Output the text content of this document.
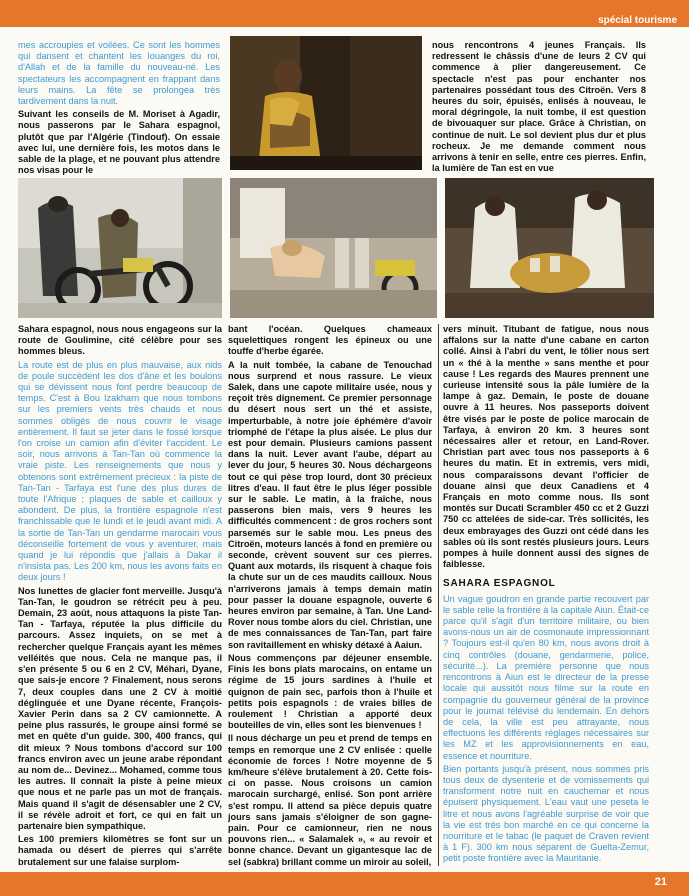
spécial tourisme

mes accroupies et voilées. Ce sont les hommes qui dansent et chantent les louanges du roi, d'Allah et de la famille du nouveau-né. Les spectateurs les accompagnent en frappant dans leurs mains. La fête se prolongea très tardivement dans la nuit.

Suivant les conseils de M. Moriset à Agadir, nous passerons par le Sahara espagnol, plutôt que par l'Algérie (Tindouf). On essaie avec lui, une dernière fois, les motos dans le sable de la plage, et ne pouvant plus attendre nos visas pour le

nous rencontrons 4 jeunes Français. Ils redressent le châssis d'une de leurs 2 CV qui commence à plier dangereusement. Ce spectacle n'est pas pour enchanter nos partenaires possédant tous des Citroën. Vers 8 heures du soir, épuisés, enlisés à nouveau, le moral dégringole, la nuit tombe, il est question de bivouaquer sur place. Grâce à Christian, on continue de nuit. Le sol devient plus dur et plus rocheux. Je me demande comment nous arrivons à tenir en selle, entre ces pierres. Enfin, la lumière de Tan est en vue

Sahara espagnol, nous nous engageons sur la route de Goulimine, cité célèbre pour ses hommes bleus.

La route est de plus en plus mauvaise, aux nids de poule succèdent les dos d'âne et les boulons qui se dévissent nous font perdre beaucoup de temps. C'est à Bou Izakharn que nous tombons sur les premiers vents très chauds et nous sommes obligés de nous couvrir le visage entièrement. Il faut se jeter dans le fossé lorsque l'on croise un camion afin d'éviter l'accident. Le soir, nous arrivons à Tan-Tan où commence la vraie piste. Les renseignements que nous y obtenons sont extrêmement précieux : la piste de Tan-Tan - Tarfaya est l'une des plus dures de toute l'Afrique ; plaques de sable et cailloux y abondent. De plus, la frontière espagnole n'est franchissable que le lundi et le jeudi avant midi. A la sortie de Tan-Tan un gendarme marocain vous déconseille fortement de vous y aventurer, mais quand je lui répondis que j'allais à Dakar il n'insista pas. Les 200 km, nous les avons faits en deux jours !

Nos lunettes de glacier font merveille. Jusqu'à Tan-Tan, le goudron se rétrécit peu à peu. Demain, 23 août, nous attaquons la piste Tan-Tan - Tarfaya, réputée la plus difficile du parcours. Assez inquiets, on se met à rechercher quelque Français ayant les mêmes velléités que nous. Cela ne manque pas, il s'en présente 5 ou 6 en 2 CV, Méhari, Dyane, que sais-je encore ? Finalement, nous serons 7, deux couples dans une 2 CV à moitié déglinguée et une Dyane récente, François-Xavier Perin dans sa 2 CV camionnette. A peine plus rassurés, le groupe ainsi formé se met en quête d'un guide. 300, 400 francs, qui dit mieux ? Nous tombons d'accord sur 100 francs environ avec un jeune arabe répondant au nom de... Devinez... Mohamed, comme tous les autres. Il connaît la piste à peine mieux que nous et ne parle pas un mot de français. Mais quand il s'agit de désensabler une 2 CV, il se révèle adroit et fort, ce qui en fait un partenaire bien sympathique.

Les 100 premiers kilomètres se font sur un hamada ou désert de pierres qui s'arrête brutalement sur une falaise surplom-

bant l'océan. Quelques chameaux squelettiques rongent les épineux ou une touffe d'herbe égarée.

A la nuit tombée, la cabane de Tenouchad nous surprend et nous rassure. Le vieux Salek, dans une capote militaire usée, nous y reçoit très dignement. Ce premier personnage du désert nous sert un thé et assiste, imperturbable, à notre joie éphémère d'avoir triomphé de l'étape la plus aisée. Le plus dur est pour demain. Plusieurs camions passent dans la nuit. Lever avant l'aube, départ au lever du jour, 5 heures 30. Nous déchargeons tout ce qui pèse trop lourd, dont 30 précieux litres d'eau. Il faut être le plus léger possible sur le sable. Le matin, à la fraîche, nous passerons bien mais, vers 9 heures les difficultés commencent : de gros rochers sont parsemés sur le sable mou. Les pneus des Citroën, moteurs lancés à fond en première ou seconde, crèvent souvent sur ces pierres. Quant aux motards, ils risquent à chaque fois la chute sur un de ces maudits cailloux. Nous n'arriverons jamais à temps demain matin pour passer la douane espagnole, ouverte 6 heures environ par semaine, à Tan. Une Land-Rover nous tombe alors du ciel. Christian, une de mes connaissances de Tan-Tan, part faire son ravitaillement en whisky détaxé à Aaiun.

Nous commençons par déjeuner ensemble. Finis les bons plats marocains, on entame un régime de 15 jours sardines à l'huile et quignon de pain sec, parfois thon à l'huile et petits pois espagnols : de vraies billes de roulement ! Christian a apporté deux bouteilles de vin, elles sont les bienvenues !

Il nous décharge un peu et prend de temps en temps en remorque une 2 CV enlisée : quelle économie de forces ! Notre moyenne de 5 km/heure s'élève brutalement à 20. Cette fois-ci on passe. Nous croisons un camion marocain surchargé, enlisé. Son pont arrière s'est rompu. Il attend sa pièce depuis quatre jours sans jamais s'éloigner de son gagne-pain. Pour ce camionneur, rien ne nous pouvons rien... « Salamalek », « au revoir et bonne chance. Devant un gigantesque lac de sel (sabkra) brillant comme un miroir au soleil,

vers minuit. Titubant de fatigue, nous nous affalons sur la natte d'une cabane en carton collé. Ainsi à l'abri du vent, le tôlier nous sert un « thé à la menthe » sans menthe et pour cause ! Les regards des Maures prennent une curieuse intensité sous la pâle lumière de la lampe à gaz. Demain, le poste de douane ouvre à 11 heures. Nos passeports doivent être visés par le poste de police marocain de Tarfaya, à environ 20 km. 3 heures sont nécessaires aller et retour, en Land-Rover. Christian part avec tous nos passeports à 6 heures du matin. Et in extremis, vers midi, nous comparaissons devant l'officier de douane ainsi que deux Canadiens et 4 Français en moto comme nous. Ils sont montés sur Ducati Scrambler 450 cc et 2 Guzzi 750 cc attelées de side-car. Très sollicités, les deux embrayages des Guzzi ont cédé dans les sables où ils sont restés plusieurs jours. Leurs pompes à huile donnent aussi des signes de faiblesse.

SAHARA ESPAGNOL

Un vague goudron en grande partie recouvert par le sable relie la frontière à la capitale Aiun. Était-ce parce qu'il s'agit d'un territoire militaire, ou bien avons-nous un air de cosmonaute impressionnant ? Toujours est-il qu'en 80 km, nous avons droit à cinq contrôles (douane, gendarmerie, police, sécurité...). La première personne que nous rencontrons à Aiun est le directeur de la presse locale qui aussitôt nous filme sur la route en compagnie du gouverneur général de la province pour le journal télévisé du lendemain. En dehors de cela, la ville est peu attrayante, nous effectuons les différents réglages nécessaires sur les MZ et les approvisionnements en eau, essence et nourriture.

Bien portants jusqu'à présent, nous sommes pris tous deux de dysenterie et de vomissements qui transforment notre nuit en cauchemar et nous épuisent physiquement. L'eau vaut une peseta le litre et nous avons l'agréable surprise de voir que la vie est très bon marché en ce qui concerne la nourriture et le tabac (le paquet de Craven revient à 1 F). 300 km nous séparent de Guelta-Zemur, petit poste frontière avec la Mauritanie.

21
